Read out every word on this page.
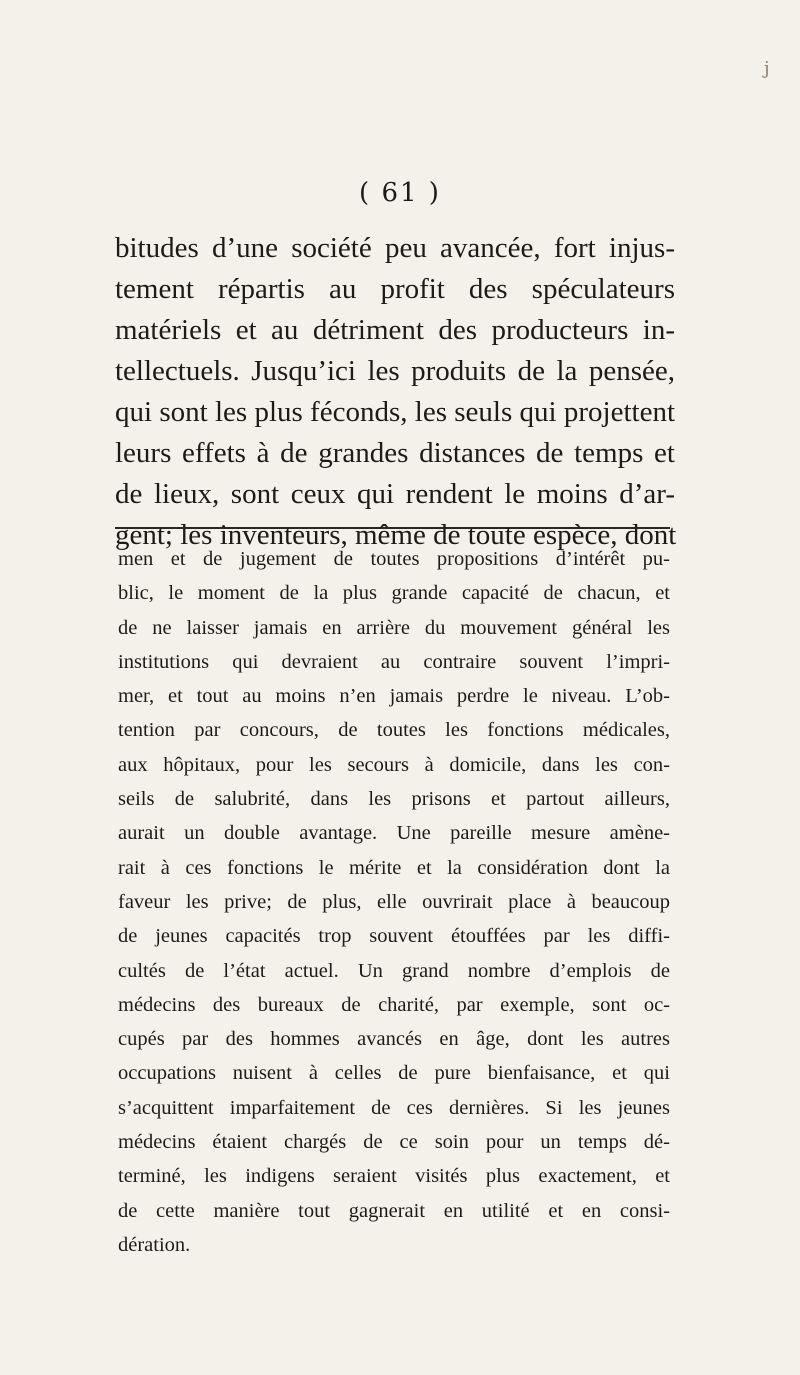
j
( 61 )
bitudes d’une société peu avancée, fort injus-
tement répartis au profit des spéculateurs
matériels et au détriment des producteurs in-
tellectuels. Jusqu’ici les produits de la pensée,
qui sont les plus féconds, les seuls qui projettent
leurs effets à de grandes distances de temps et
de lieux, sont ceux qui rendent le moins d’ar-
gent; les inventeurs, même de toute espèce, dont
men et de jugement de toutes propositions d’intérêt pu-
blic, le moment de la plus grande capacité de chacun, et
de ne laisser jamais en arrière du mouvement général les
institutions qui devraient au contraire souvent l’impri-
mer, et tout au moins n’en jamais perdre le niveau. L’ob-
tention par concours, de toutes les fonctions médicales,
aux hôpitaux, pour les secours à domicile, dans les con-
seils de salubrité, dans les prisons et partout ailleurs,
aurait un double avantage. Une pareille mesure amène-
rait à ces fonctions le mérite et la considération dont la
faveur les prive; de plus, elle ouvrirait place à beaucoup
de jeunes capacités trop souvent étouffées par les diffi-
cultés de l’état actuel. Un grand nombre d’emplois de
médecins des bureaux de charité, par exemple, sont oc-
cupés par des hommes avancés en âge, dont les autres
occupations nuisent à celles de pure bienfaisance, et qui
s’acquittent imparfaitement de ces dernières. Si les jeunes
médecins étaient chargés de ce soin pour un temps dé-
terminé, les indigens seraient visités plus exactement, et
de cette manière tout gagnerait en utilité et en consi-
dération.
